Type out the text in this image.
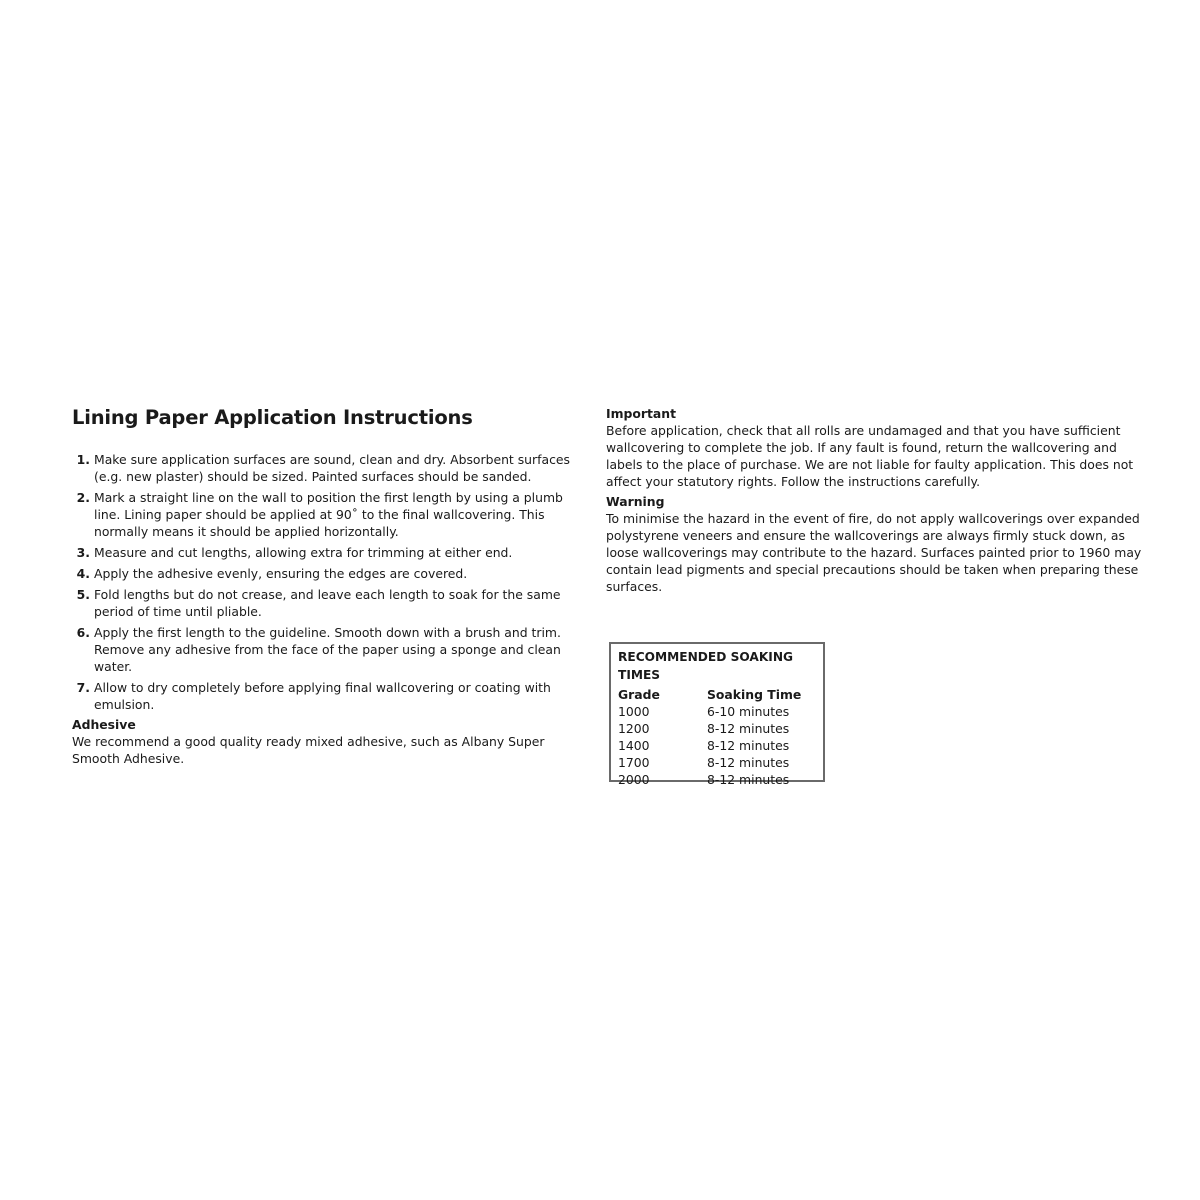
Lining Paper Application Instructions
1. Make sure application surfaces are sound, clean and dry. Absorbent surfaces (e.g. new plaster) should be sized. Painted surfaces should be sanded.
2. Mark a straight line on the wall to position the first length by using a plumb line. Lining paper should be applied at 90˚ to the final wallcovering. This normally means it should be applied horizontally.
3. Measure and cut lengths, allowing extra for trimming at either end.
4. Apply the adhesive evenly, ensuring the edges are covered.
5. Fold lengths but do not crease, and leave each length to soak for the same period of time until pliable.
6. Apply the first length to the guideline. Smooth down with a brush and trim. Remove any adhesive from the face of the paper using a sponge and clean water.
7. Allow to dry completely before applying final wallcovering or coating with emulsion.
Adhesive

We recommend a good quality ready mixed adhesive, such as Albany Super Smooth Adhesive.

Important

Before application, check that all rolls are undamaged and that you have sufficient wallcovering to complete the job. If any fault is found, return the wallcovering and labels to the place of purchase. We are not liable for faulty application. This does not affect your statutory rights. Follow the instructions carefully.

Warning

To minimise the hazard in the event of fire, do not apply wallcoverings over expanded polystyrene veneers and ensure the wallcoverings are always firmly stuck down, as loose wallcoverings may contribute to the hazard. Surfaces painted prior to 1960 may contain lead pigments and special precautions should be taken when preparing these surfaces.

RECOMMENDED SOAKING TIMES
Grade	Soaking Time
1000	6-10 minutes
1200	8-12 minutes
1400	8-12 minutes
1700	8-12 minutes
2000	8-12 minutes
